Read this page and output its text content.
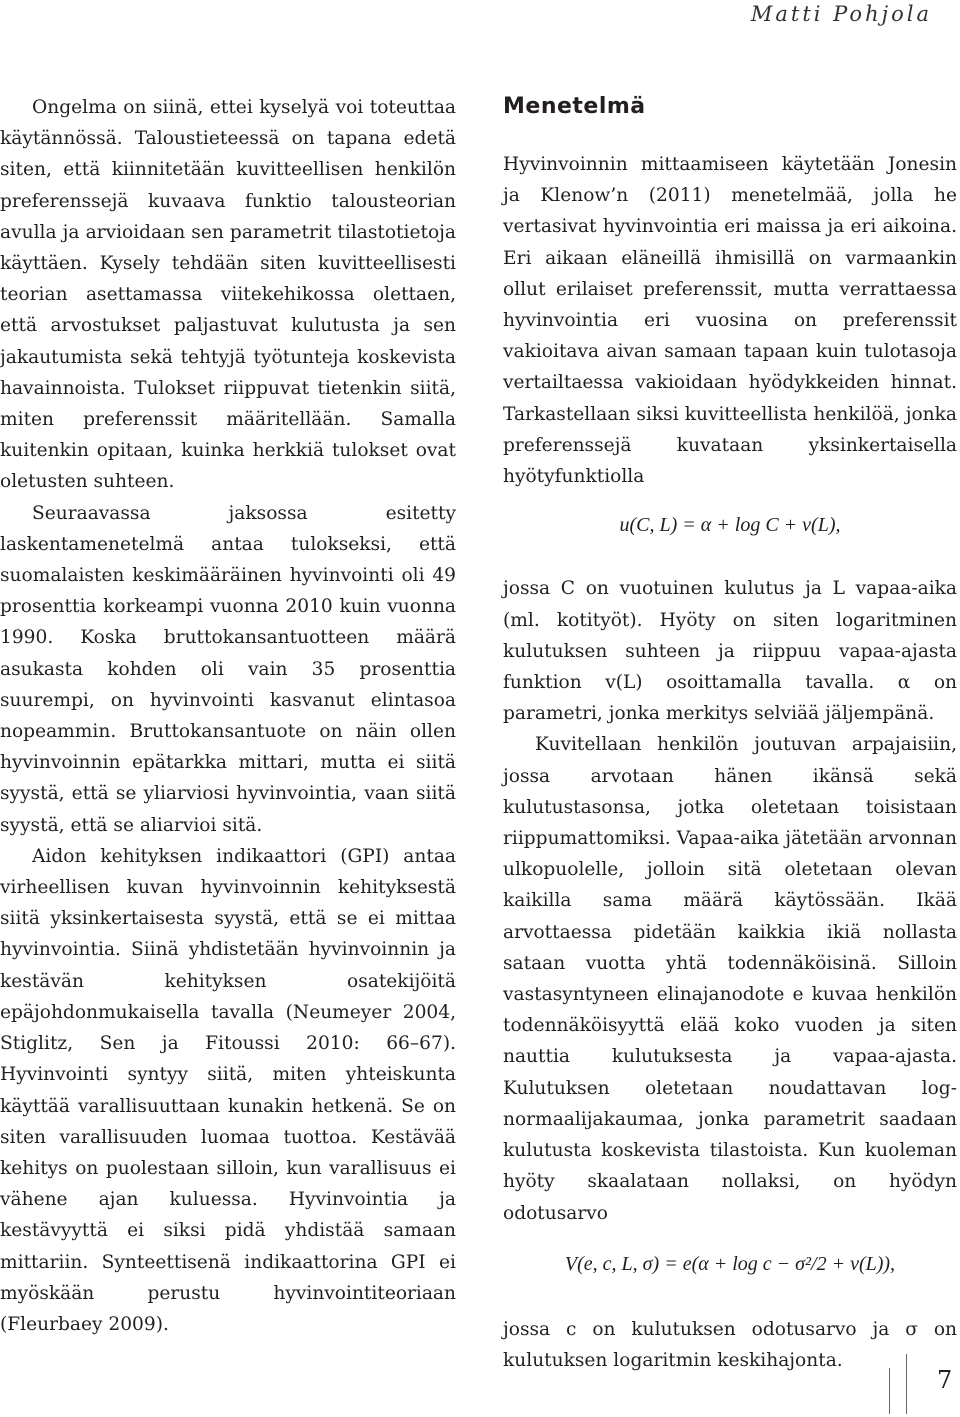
Matti Pohjola

Ongelma on siinä, ettei kyselyä voi toteuttaa käytännössä. Taloustieteessä on tapana edetä siten, että kiinnitetään kuvitteellisen henkilön preferenssejä kuvaava funktio talousteorian avulla ja arvioidaan sen parametrit tilastotietoja käyttäen. Kysely tehdään siten kuvitteellisesti teorian asettamassa viitekehikossa olettaen, että arvostukset paljastuvat kulutusta ja sen jakautumista sekä tehtyjä työtunteja koskevista havainnoista. Tulokset riippuvat tietenkin siitä, miten preferenssit määritellään. Samalla kuitenkin opitaan, kuinka herkkiä tulokset ovat oletusten suhteen.

Seuraavassa jaksossa esitetty laskentamenetelmä antaa tulokseksi, että suomalaisten keskimääräinen hyvinvointi oli 49 prosenttia korkeampi vuonna 2010 kuin vuonna 1990. Koska bruttokansantuotteen määrä asukasta kohden oli vain 35 prosenttia suurempi, on hyvinvointi kasvanut elintasoa nopeammin. Bruttokansantuote on näin ollen hyvinvoinnin epätarkka mittari, mutta ei siitä syystä, että se yliarviosi hyvinvointia, vaan siitä syystä, että se aliarvioi sitä.

Aidon kehityksen indikaattori (GPI) antaa virheellisen kuvan hyvinvoinnin kehityksestä siitä yksinkertaisesta syystä, että se ei mittaa hyvinvointia. Siinä yhdistetään hyvinvoinnin ja kestävän kehityksen osatekijöitä epäjohdonmukaisella tavalla (Neumeyer 2004, Stiglitz, Sen ja Fitoussi 2010: 66–67). Hyvinvointi syntyy siitä, miten yhteiskunta käyttää varallisuuttaan kunakin hetkenä. Se on siten varallisuuden luomaa tuottoa. Kestävää kehitys on puolestaan silloin, kun varallisuus ei vähene ajan kuluessa. Hyvinvointia ja kestävyyttä ei siksi pidä yhdistää samaan mittariin. Synteettisenä indikaattorina GPI ei myöskään perustu hyvinvointiteoriaan (Fleurbaey 2009).

Menetelmä

Hyvinvoinnin mittaamiseen käytetään Jonesin ja Klenow’n (2011) menetelmää, jolla he vertasivat hyvinvointia eri maissa ja eri aikoina. Eri aikaan eläneillä ihmisillä on varmaankin ollut erilaiset preferenssit, mutta verrattaessa hyvinvointia eri vuosina on preferenssit vakioitava aivan samaan tapaan kuin tulotasoja vertailtaessa vakioidaan hyödykkeiden hinnat. Tarkastellaan siksi kuvitteellista henkilöä, jonka preferenssejä kuvataan yksinkertaisella hyötyfunktiolla

u(C, L) = α + log C + v(L),

jossa C on vuotuinen kulutus ja L vapaa-aika (ml. kotityöt). Hyöty on siten logaritminen kulutuksen suhteen ja riippuu vapaa-ajasta funktion v(L) osoittamalla tavalla. α on parametri, jonka merkitys selviää jäljempänä.

Kuvitellaan henkilön joutuvan arpajaisiin, jossa arvotaan hänen ikänsä sekä kulutustasonsa, jotka oletetaan toisistaan riippumattomiksi. Vapaa-aika jätetään arvonnan ulkopuolelle, jolloin sitä oletetaan olevan kaikilla sama määrä käytössään. Ikää arvottaessa pidetään kaikkia ikiä nollasta sataan vuotta yhtä todennäköisinä. Silloin vastasyntyneen elinajanodote e kuvaa henkilön todennäköisyyttä elää koko vuoden ja siten nauttia kulutuksesta ja vapaa-ajasta. Kulutuksen oletetaan noudattavan log-normaalijakaumaa, jonka parametrit saadaan kulutusta koskevista tilastoista. Kun kuoleman hyöty skaalataan nollaksi, on hyödyn odotusarvo

V(e, c, L, σ) = e(α + log c − σ²/2 + v(L)),

jossa c on kulutuksen odotusarvo ja σ on kulutuksen logaritmin keskihajonta.

7
